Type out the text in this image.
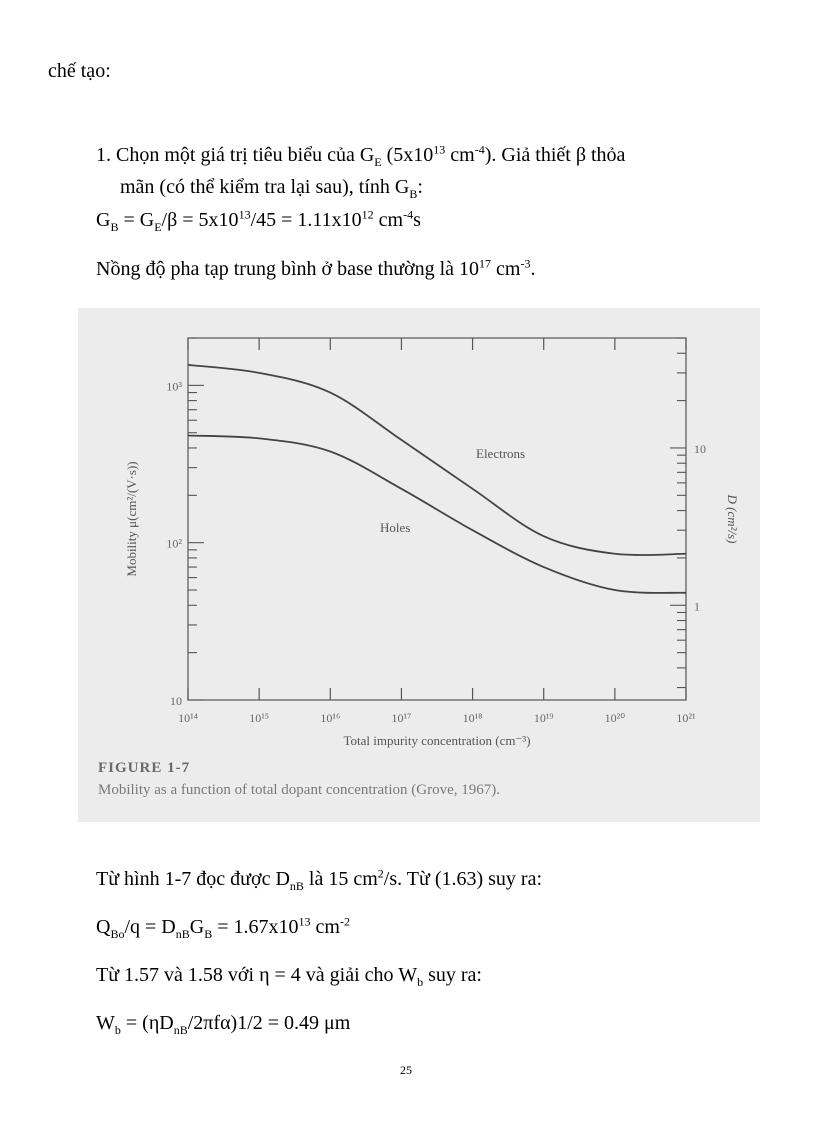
chế tạo:
1. Chọn một giá trị tiêu biểu của $G_E$ ($5x10^{13}$ $cm^{-4}$). Giả thiết β thỏa
mãn (có thể kiểm tra lại sau), tính $G_B$:
$G_B = G_E/\beta = 5x10^{13}/45 = 1.11x10^{12}$ $cm^{-4}s$
Nồng độ pha tạp trung bình ở base thường là $10^{17}$ $cm^{-3}$.
10¹⁴	10¹⁵	10¹⁶	10¹⁷	10¹⁸	10¹⁹	10²⁰	10²¹
10
10²
10³
1
10
Total impurity concentration (cm⁻³)
Mobility μ(cm²/(V·s))	D (cm²/s)
Electrons
Holes
FIGURE 1-7
Mobility as a function of total dopant concentration (Grove, 1967).
Từ hình 1-7 đọc được $D_{nB}$ là 15 $cm^2/s$. Từ (1.63) suy ra:
$Q_{Bo}/q = D_{nB}G_B = 1.67x10^{13}$ $cm^{-2}$
Từ 1.57 và 1.58 với η = 4 và giải cho $W_b$ suy ra:
$W_b = (\eta D_{nB}/2\pi f\alpha)1/2 = 0.49$ μm
25
